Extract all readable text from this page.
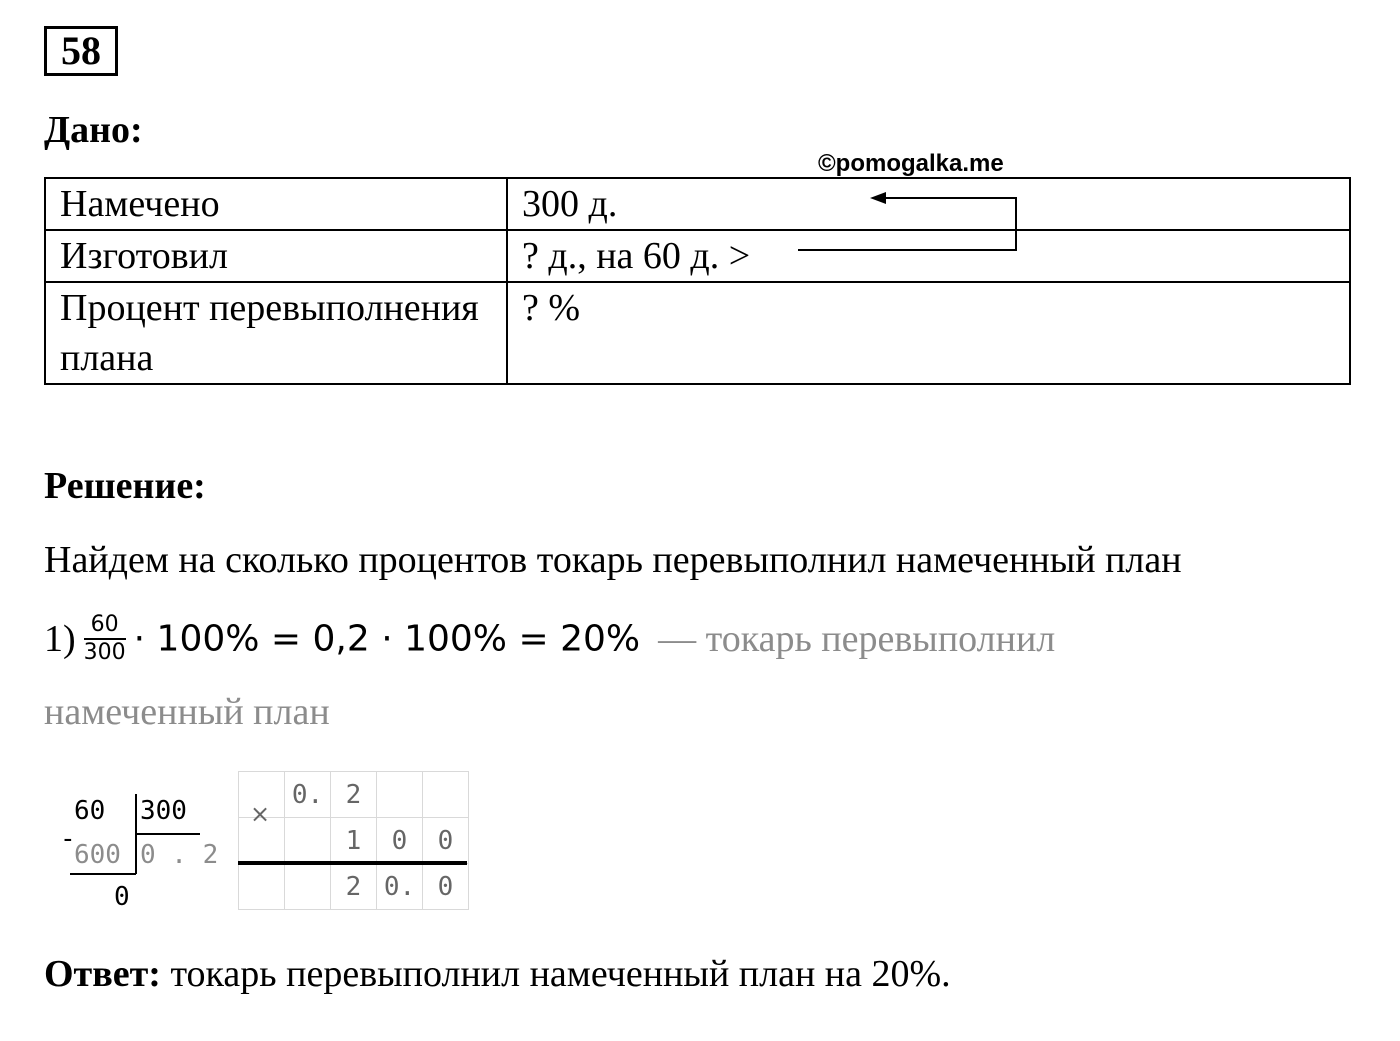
58
Дано:
Намечено	300 д.
Изготовил	? д., на 60 д. >
Процент перевыполнения плана	? %
©pomogalka.me
Решение:
Найдем на сколько процентов токарь перевыполнил намеченный план
$1) \frac{60}{300} \cdot 100\% = 0,2 \cdot 100\% = 20\%$ — токарь перевыполнил
намеченный план
60 300
-
600 0 . 2
0
	0.	2		
		1	0	0
		2	0.	0
×
Ответ: токарь перевыполнил намеченный план на 20%.
